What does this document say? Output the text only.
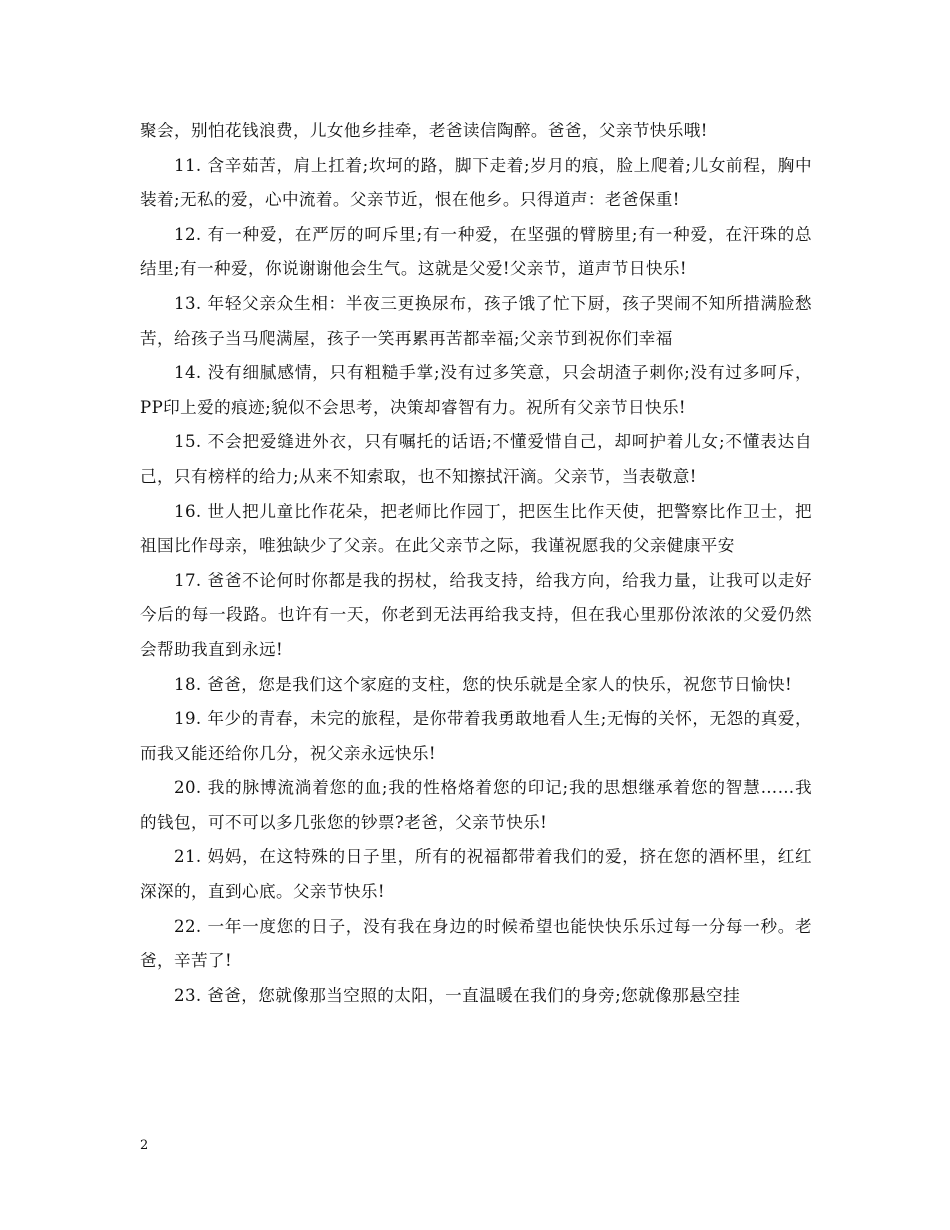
聚会，别怕花钱浪费，儿女他乡挂牵，老爸读信陶醉。爸爸，父亲节快乐哦!

11. 含辛茹苦，肩上扛着;坎坷的路，脚下走着;岁月的痕，脸上爬着;儿女前程，胸中装着;无私的爱，心中流着。父亲节近，恨在他乡。只得道声：老爸保重!

12. 有一种爱，在严厉的呵斥里;有一种爱，在坚强的臂膀里;有一种爱，在汗珠的总结里;有一种爱，你说谢谢他会生气。这就是父爱!父亲节，道声节日快乐!

13. 年轻父亲众生相：半夜三更换尿布，孩子饿了忙下厨，孩子哭闹不知所措满脸愁苦，给孩子当马爬满屋，孩子一笑再累再苦都幸福;父亲节到祝你们幸福

14. 没有细腻感情，只有粗糙手掌;没有过多笑意，只会胡渣子刺你;没有过多呵斥，PP印上爱的痕迹;貌似不会思考，决策却睿智有力。祝所有父亲节日快乐!

15. 不会把爱缝进外衣，只有嘱托的话语;不懂爱惜自己，却呵护着儿女;不懂表达自己，只有榜样的给力;从来不知索取，也不知擦拭汗滴。父亲节，当表敬意!

16. 世人把儿童比作花朵，把老师比作园丁，把医生比作天使，把警察比作卫士，把祖国比作母亲，唯独缺少了父亲。在此父亲节之际，我谨祝愿我的父亲健康平安

17. 爸爸不论何时你都是我的拐杖，给我支持，给我方向，给我力量，让我可以走好今后的每一段路。也许有一天，你老到无法再给我支持，但在我心里那份浓浓的父爱仍然会帮助我直到永远!

18. 爸爸，您是我们这个家庭的支柱，您的快乐就是全家人的快乐，祝您节日愉快!

19. 年少的青春，未完的旅程，是你带着我勇敢地看人生;无悔的关怀，无怨的真爱，而我又能还给你几分，祝父亲永远快乐!

20. 我的脉博流淌着您的血;我的性格烙着您的印记;我的思想继承着您的智慧……我的钱包，可不可以多几张您的钞票?老爸，父亲节快乐!

21. 妈妈，在这特殊的日子里，所有的祝福都带着我们的爱，挤在您的酒杯里，红红深深的，直到心底。父亲节快乐!

22. 一年一度您的日子，没有我在身边的时候希望也能快快乐乐过每一分每一秒。老爸，辛苦了!

23. 爸爸，您就像那当空照的太阳，一直温暖在我们的身旁;您就像那悬空挂

2
